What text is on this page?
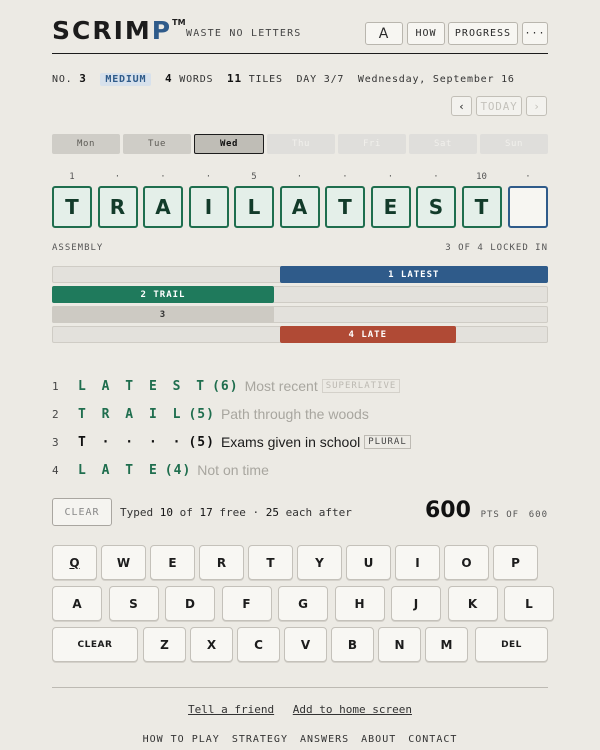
SCRIMP™
WASTE NO LETTERS	A	HOW	PROGRESS	···
NO. 3 MEDIUM 4 WORDS 11 TILES DAY 3/7 Wednesday, September 16
‹	TODAY	›
Mon	Tue	Wed	Thu	Fri	Sat	Sun
1	·	·	·	5	·	·	·	·	10	·
T	R	A	I	L	A	T	E	S	T
ASSEMBLY	3 OF 4 LOCKED IN
1 LATEST
2 TRAIL
3
4 LATE
1	L A T E S T (6) Most recent SUPERLATIVE
2	T R A I L (5) Path through the woods
3	T · · · · (5) Exams given in school PLURAL
4	L A T E (4) Not on time
CLEAR	Typed 10 of 17 free · 25 each after	600 PTS OF 600
Q	W	E	R	T	Y	U	I	O	P
A	S	D	F	G	H	J	K	L
CLEAR	Z	X	C	V	B	N	M	DEL
Tell a friend Add to home screen
HOW TO PLAY STRATEGY ANSWERS ABOUT CONTACT
